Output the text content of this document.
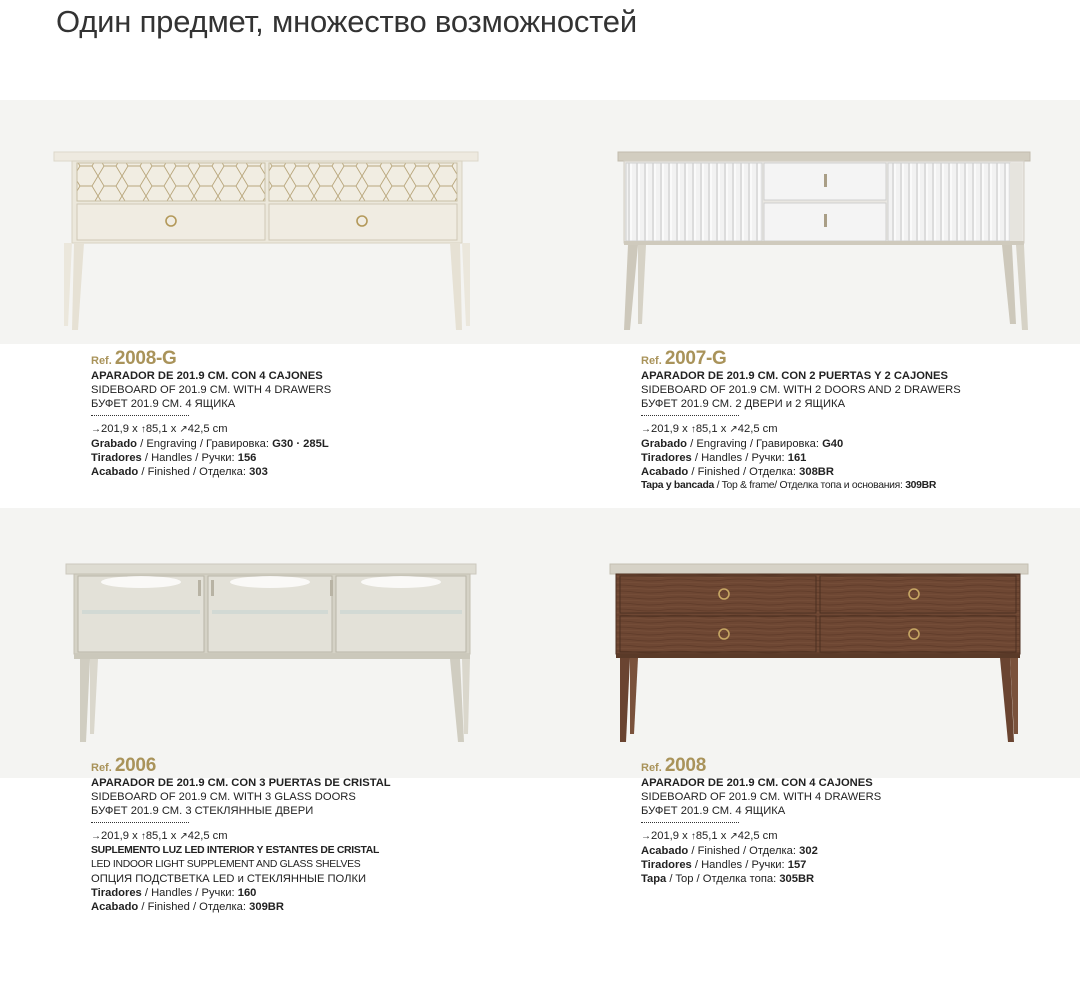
Один предмет, множество возможностей
Ref. 2008-G
APARADOR DE 201.9 CM. CON 4 CAJONES
SIDEBOARD OF 201.9 CM. WITH 4 DRAWERS
БУФЕТ 201.9 СМ. 4 ЯЩИКА
→201,9 x ↑85,1 x ↗42,5 cm
Grabado / Engraving / Гравировка: G30 · 285L
Tiradores / Handles / Ручки: 156
Acabado / Finished / Отделка: 303
Ref. 2007-G
APARADOR DE 201.9 CM. CON 2 PUERTAS Y 2 CAJONES
SIDEBOARD OF 201.9 CM. WITH 2 DOORS AND 2 DRAWERS
БУФЕТ 201.9 СМ. 2 ДВЕРИ и 2 ЯЩИКА
→201,9 x ↑85,1 x ↗42,5 cm
Grabado / Engraving / Гравировка: G40
Tiradores / Handles / Ручки: 161
Acabado / Finished / Отделка: 308BR
Tapa y bancada / Top & frame/ Отделка топа и основания: 309BR
Ref. 2006
APARADOR DE 201.9 CM. CON 3 PUERTAS DE CRISTAL
SIDEBOARD OF 201.9 CM. WITH 3 GLASS DOORS
БУФЕТ 201.9 СМ. 3 СТЕКЛЯННЫЕ ДВЕРИ
→201,9 x ↑85,1 x ↗42,5 cm
SUPLEMENTO LUZ LED INTERIOR Y ESTANTES DE CRISTAL
LED INDOOR LIGHT SUPPLEMENT AND GLASS SHELVES
ОПЦИЯ ПОДСТВЕТКА LED и СТЕКЛЯННЫЕ ПОЛКИ
Tiradores / Handles / Ручки: 160
Acabado / Finished / Отделка: 309BR
Ref. 2008
APARADOR DE 201.9 CM. CON 4 CAJONES
SIDEBOARD OF 201.9 CM. WITH 4 DRAWERS
БУФЕТ 201.9 СМ. 4 ЯЩИКА
→201,9 x ↑85,1 x ↗42,5 cm
Acabado / Finished / Отделка: 302
Tiradores / Handles / Ручки: 157
Tapa / Top / Отделка топа: 305BR
